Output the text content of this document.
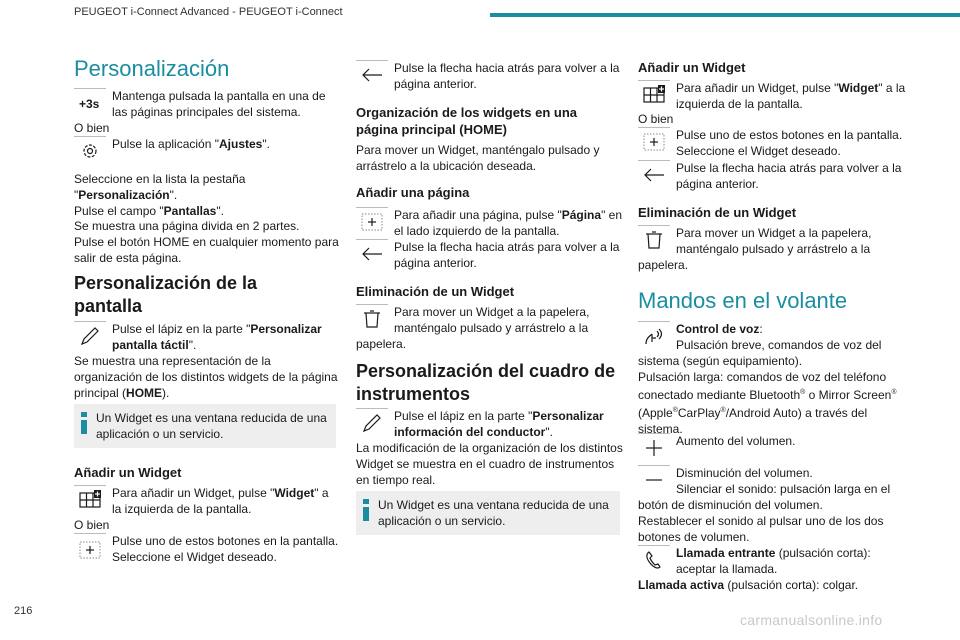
PEUGEOT i-Connect Advanced - PEUGEOT i-Connect
216
carmanualsonline.info
Personalización
+3s
Mantenga pulsada la pantalla en una de las páginas principales del sistema.
O bien
Pulse la aplicación "Ajustes".
Seleccione en la lista la pestaña "Personalización".
Pulse el campo "Pantallas".
Se muestra una página divida en 2 partes.
Pulse el botón HOME en cualquier momento para salir de esta página.
Personalización de la pantalla
Pulse el lápiz en la parte "Personalizar pantalla táctil".
Se muestra una representación de la organización de los distintos widgets de la página principal (HOME).
Un Widget es una ventana reducida de una aplicación o un servicio.
Añadir un Widget
Para añadir un Widget, pulse "Widget" a la izquierda de la pantalla.
O bien
Pulse uno de estos botones en la pantalla. Seleccione el Widget deseado.
Pulse la flecha hacia atrás para volver a la página anterior.
Organización de los widgets en una página principal (HOME)
Para mover un Widget, manténgalo pulsado y arrástrelo a la ubicación deseada.
Añadir una página
Para añadir una página, pulse "Página" en el lado izquierdo de la pantalla.
Pulse la flecha hacia atrás para volver a la página anterior.
Eliminación de un Widget
Para mover un Widget a la papelera, manténgalo pulsado y arrástrelo a la
papelera.
Personalización del cuadro de instrumentos
Pulse el lápiz en la parte "Personalizar información del conductor".
La modificación de la organización de los distintos Widget se muestra en el cuadro de instrumentos en tiempo real.
Un Widget es una ventana reducida de una aplicación o un servicio.
Añadir un Widget
Para añadir un Widget, pulse "Widget" a la izquierda de la pantalla.
O bien
Pulse uno de estos botones en la pantalla. Seleccione el Widget deseado.
Pulse la flecha hacia atrás para volver a la página anterior.
Eliminación de un Widget
Para mover un Widget a la papelera, manténgalo pulsado y arrástrelo a la
papelera.
Mandos en el volante
Control de voz:
Pulsación breve, comandos de voz del
sistema (según equipamiento).
Pulsación larga: comandos de voz del teléfono conectado mediante Bluetooth® o Mirror Screen® (Apple®CarPlay®/Android Auto) a través del sistema.
Aumento del volumen.
Disminución del volumen.
Silenciar el sonido: pulsación larga en el
botón de disminución del volumen.
Restablecer el sonido al pulsar uno de los dos botones de volumen.
Llamada entrante (pulsación corta): aceptar la llamada.
Llamada activa (pulsación corta): colgar.
